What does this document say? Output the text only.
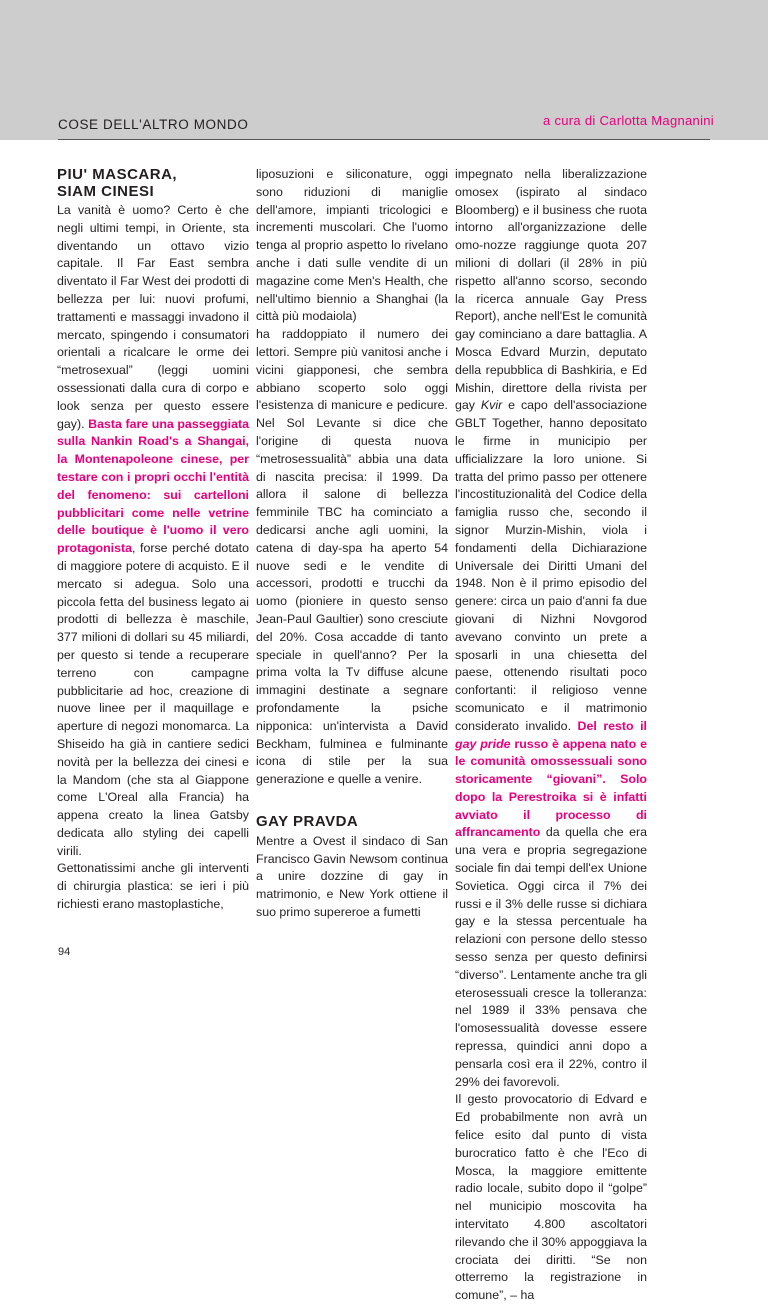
a cura di Carlotta Magnanini
COSE DELL'ALTRO MONDO
PIU' MASCARA,
SIAM CINESI

La vanità è uomo? Certo è che negli ultimi tempi, in Oriente, sta diventando un ottavo vizio capitale. Il Far East sembra diventato il Far West dei prodotti di bellezza per lui: nuovi profumi, trattamenti e massaggi invadono il mercato, spingendo i consumatori orientali a ricalcare le orme dei “metrosexual” (leggi uomini ossessionati dalla cura di corpo e look senza per questo essere gay). Basta fare una passeggiata sulla Nankin Road's a Shangai, la Montenapoleone cinese, per testare con i propri occhi l'entità del fenomeno: sui cartelloni pubblicitari come nelle vetrine delle boutique è l'uomo il vero protagonista, forse perché dotato di maggiore potere di acquisto. E il mercato si adegua. Solo una piccola fetta del business legato ai prodotti di bellezza è maschile, 377 milioni di dollari su 45 miliardi, per questo si tende a recuperare terreno con campagne pubblicitarie ad hoc, creazione di nuove linee per il maquillage e aperture di negozi monomarca. La Shiseido ha già in cantiere sedici novità per la bellezza dei cinesi e la Mandom (che sta al Giappone come L'Oreal alla Francia) ha appena creato la linea Gatsby dedicata allo styling dei capelli virili.

Gettonatissimi anche gli interventi di chirurgia plastica: se ieri i più richiesti erano mastoplastiche,

liposuzioni e siliconature, oggi sono riduzioni di maniglie dell'amore, impianti tricologici e incrementi muscolari. Che l'uomo tenga al proprio aspetto lo rivelano anche i dati sulle vendite di un magazine come Men's Health, che nell'ultimo biennio a Shanghai (la città più modaiola)

ha raddoppiato il numero dei lettori. Sempre più vanitosi anche i vicini giapponesi, che sembra abbiano scoperto solo oggi l'esistenza di manicure e pedicure. Nel Sol Levante si dice che l'origine di questa nuova “metrosessualità” abbia una data di nascita precisa: il 1999. Da allora il salone di bellezza femminile TBC ha cominciato a dedicarsi anche agli uomini, la catena di day-spa ha aperto 54 nuove sedi e le vendite di accessori, prodotti e trucchi da uomo (pioniere in questo senso Jean-Paul Gaultier) sono cresciute del 20%. Cosa accadde di tanto speciale in quell'anno? Per la prima volta la Tv diffuse alcune immagini destinate a segnare profondamente la psiche nipponica: un'intervista a David Beckham, fulminea e fulminante icona di stile per la sua generazione e quelle a venire.

GAY PRAVDA

Mentre a Ovest il sindaco di San Francisco Gavin Newsom continua a unire dozzine di gay in matrimonio, e New York ottiene il suo primo supereroe a fumetti

impegnato nella liberalizzazione omosex (ispirato al sindaco Bloomberg) e il business che ruota intorno all'organizzazione delle omo-nozze raggiunge quota 207 milioni di dollari (il 28% in più rispetto all'anno scorso, secondo la ricerca annuale Gay Press Report), anche nell'Est le comunità gay cominciano a dare battaglia. A Mosca Edvard Murzin, deputato della repubblica di Bashkiria, e Ed Mishin, direttore della rivista per gay Kvir e capo dell'associazione GBLT Together, hanno depositato le firme in municipio per ufficializzare la loro unione. Si tratta del primo passo per ottenere l'incostituzionalità del Codice della famiglia russo che, secondo il signor Murzin-Mishin, viola i fondamenti della Dichiarazione Universale dei Diritti Umani del 1948. Non è il primo episodio del genere: circa un paio d'anni fa due giovani di Nizhni Novgorod avevano convinto un prete a sposarli in una chiesetta del paese, ottenendo risultati poco confortanti: il religioso venne scomunicato e il matrimonio considerato invalido. Del resto il gay pride russo è appena nato e le comunità omossessuali sono storicamente “giovani”. Solo dopo la Perestroika si è infatti avviato il processo di affrancamento da quella che era una vera e propria segregazione sociale fin dai tempi dell'ex Unione Sovietica. Oggi circa il 7% dei russi e il 3% delle russe si dichiara gay e la stessa percentuale ha relazioni con persone dello stesso sesso senza per questo definirsi “diverso”. Lentamente anche tra gli eterosessuali cresce la tolleranza: nel 1989 il 33% pensava che l'omosessualità dovesse essere repressa, quindici anni dopo a pensarla così era il 22%, contro il 29% dei favorevoli.

Il gesto provocatorio di Edvard e Ed probabilmente non avrà un felice esito dal punto di vista burocratico fatto è che l'Eco di Mosca, la maggiore emittente radio locale, subito dopo il “golpe” nel municipio moscovita ha intervitato 4.800 ascoltatori rilevando che il 30% appoggiava la crociata dei diritti. “Se non otterremo la registrazione in comune”, – ha

94
